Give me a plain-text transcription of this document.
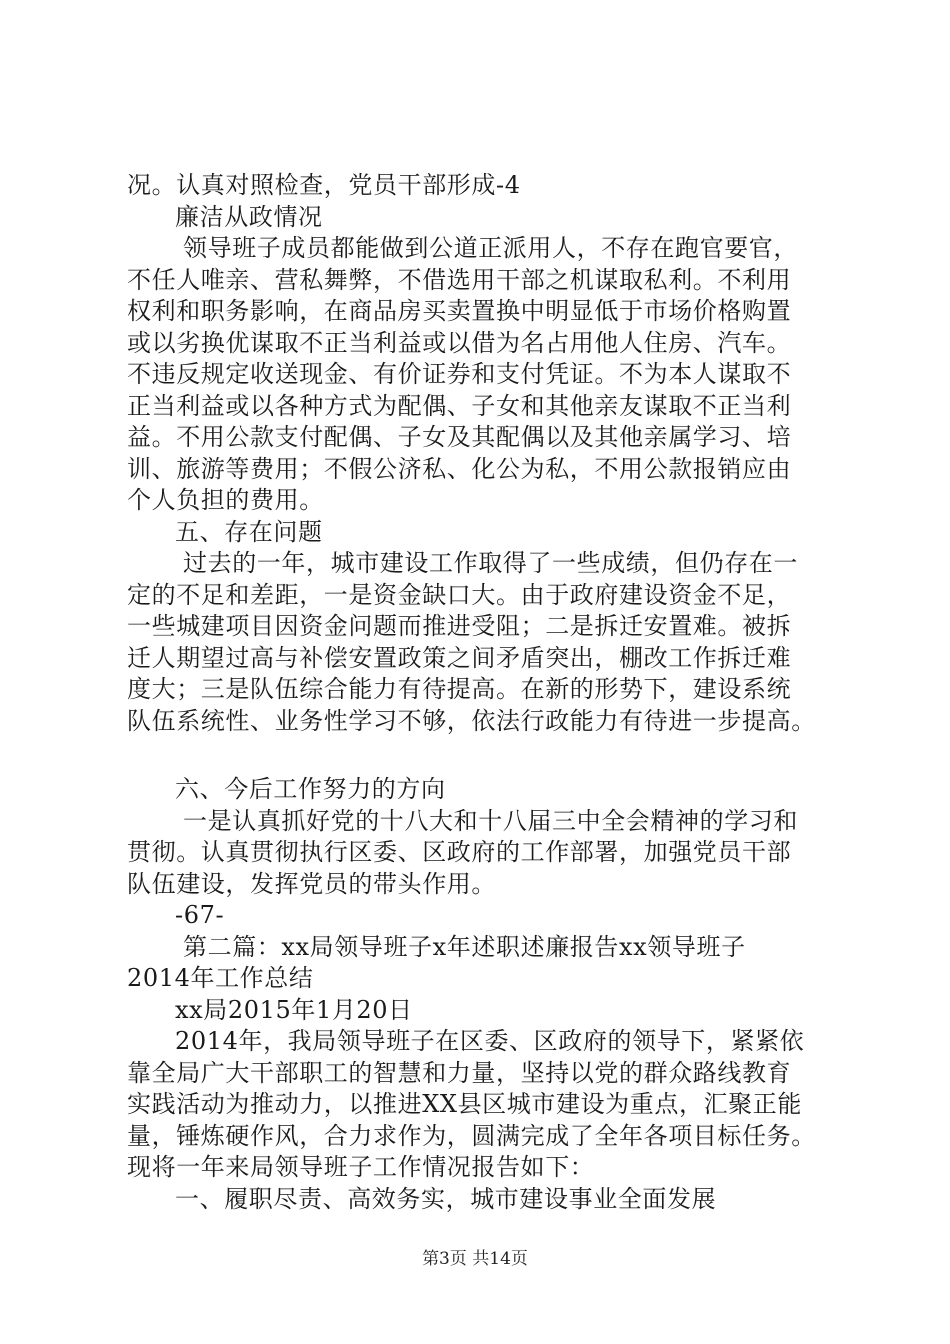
况。认真对照检查，党员干部形成-4
廉洁从政情况
领导班子成员都能做到公道正派用人，不存在跑官要官，
不任人唯亲、营私舞弊，不借选用干部之机谋取私利。不利用
权利和职务影响，在商品房买卖置换中明显低于市场价格购置
或以劣换优谋取不正当利益或以借为名占用他人住房、汽车。
不违反规定收送现金、有价证券和支付凭证。不为本人谋取不
正当利益或以各种方式为配偶、子女和其他亲友谋取不正当利
益。不用公款支付配偶、子女及其配偶以及其他亲属学习、培
训、旅游等费用；不假公济私、化公为私，不用公款报销应由
个人负担的费用。
五、存在问题
过去的一年，城市建设工作取得了一些成绩，但仍存在一
定的不足和差距，一是资金缺口大。由于政府建设资金不足，
一些城建项目因资金问题而推进受阻；二是拆迁安置难。被拆
迁人期望过高与补偿安置政策之间矛盾突出，棚改工作拆迁难
度大；三是队伍综合能力有待提高。在新的形势下，建设系统
队伍系统性、业务性学习不够，依法行政能力有待进一步提高。
六、今后工作努力的方向
一是认真抓好党的十八大和十八届三中全会精神的学习和
贯彻。认真贯彻执行区委、区政府的工作部署，加强党员干部
队伍建设，发挥党员的带头作用。
-67-
第二篇：xx局领导班子x年述职述廉报告xx领导班子
2014年工作总结
xx局2015年1月20日
2014年，我局领导班子在区委、区政府的领导下，紧紧依
靠全局广大干部职工的智慧和力量，坚持以党的群众路线教育
实践活动为推动力，以推进XX县区城市建设为重点，汇聚正能
量，锤炼硬作风，合力求作为，圆满完成了全年各项目标任务。
现将一年来局领导班子工作情况报告如下：
一、履职尽责、高效务实，城市建设事业全面发展
第3页 共14页
